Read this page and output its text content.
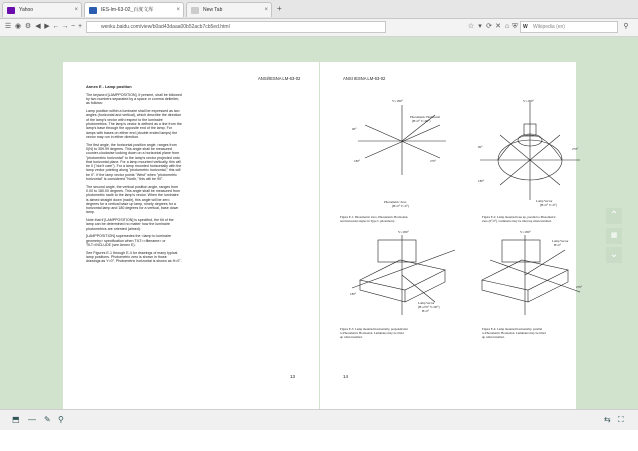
Yahoo	×	IES-lm-63-02_百度文库	×	New Tab	× +
☰ ◉ ⚙ ◀ ▶ ← → − +	wenku.baidu.com/view/b0ad43daaa00b52acb7cb5ed.html	☆ ▾ ⟳ ✕ ⌂ ⛨	W Wikipedia (en)	⚲
ANSI/IESNA LM-63-02	ANSI IESNA LM-63-02
Annex E - Lamp position

The keyword [LAMPPOSITION], if present, shall be followed by two numbers separated by a space or comma delimiter, as follows:

Lamp position within a luminaire shall be expressed as two angles (horizontal and vertical), which describe the direction of the lamp's vector with respect to the luminaire photometrics. The lamp's vector is defined as a line from the lamp's base through the opposite end of the lamp. For lamps with bases on either end (double ended lamps) the vector may run in either direction.

The first angle, the horizontal position angle, ranges from 0(N) to 359.99 degrees. This angle shall be measured counter-clockwise looking down on a horizontal plane from "photometric horizontal" to the lamp's vector projected onto that horizontal plane. For a lamp mounted vertically, this will be 0 ("don't care"). For a lamp mounted horizontally with the lamp vector pointing along "photometric horizontal," this will be 0°. If the lamp vector points "West" when "photometric horizontal" is considered "North," this will be 90°.

The second angle, the vertical position angle, ranges from 0.00 to 180.00 degrees. This angle shall be measured from photometric nadir to the lamp's vector. When the luminaire is aimed straight down (nadir), this angle will be zero degrees for a vertical base up lamp, ninety degrees for a horizontal lamp and 180 degrees for a vertical, base down lamp.

Note that if [LAMPPOSITION] is specified, the tilt of the lamp can be determined no matter how the luminaire photometrics are oriented (aimed).

[LAMPPOSITION] supersedes the <lamp to luminaire geometry> specification when TILT=<filename> or TILT=INCLUDE (see Annex E).

See Figures E-1 through E-4 for drawings of many typical lamp positions. Photometric zero is shown in those drawings as Y=0°. Photometric horizontal is shown as H=0°.

13	14
V=180°
Photometric Horizontal
(H=0° V=90°)
90°
180°	270°
Photometric Zero
(H=0° V=0°)
V=180°
90°	270°
180°
Lamp Vector
(H=0° V=0°)
Figure E-1: Photometric Zero, Photometric Horizontal, and horizontal angles in Type C photometry.
Figure E-2: Lamp mounted base up, parallel to Photometric Zero (0°,0°). Luminaire may be tilted up when installed.
V=180°
180°
Lamp Vector
(H=270° V=90°)
H=0°
V=180°
Lamp Vector
H=0°
270°
Figure E-3: Lamp mounted horizontally, perpendicular to Photometric Horizontal. Luminaire may be tilted up when installed.
Figure E-4: Lamp mounted horizontally, parallel to Photometric Horizontal. Luminaire may be tilted up when installed.
⌃
▦
⌄
⬒ — ✎ ⚲	⇆ ⛶
